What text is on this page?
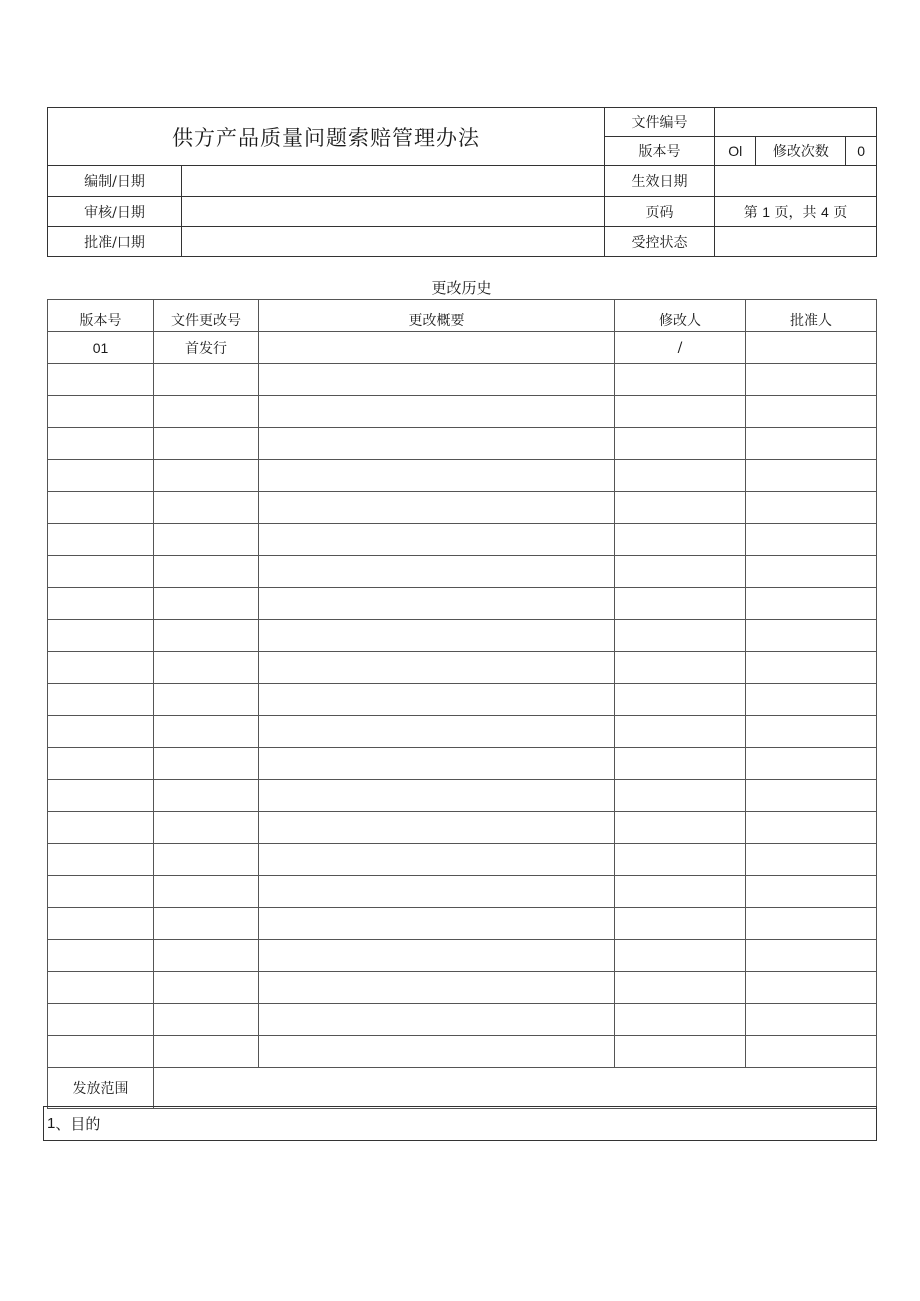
供方产品质量问题索赔管理办法		文件编号	
		版本号	Ol 修改次数 0

编制/日期		生效日期	
审核/日期		页码	第 1 页，共 4 页
批准/口期		受控状态	
更改历史
版本号	文件更改号	更改概要	修改人	批准人
01	首发行		/	

发放范围				
1 、 目的
